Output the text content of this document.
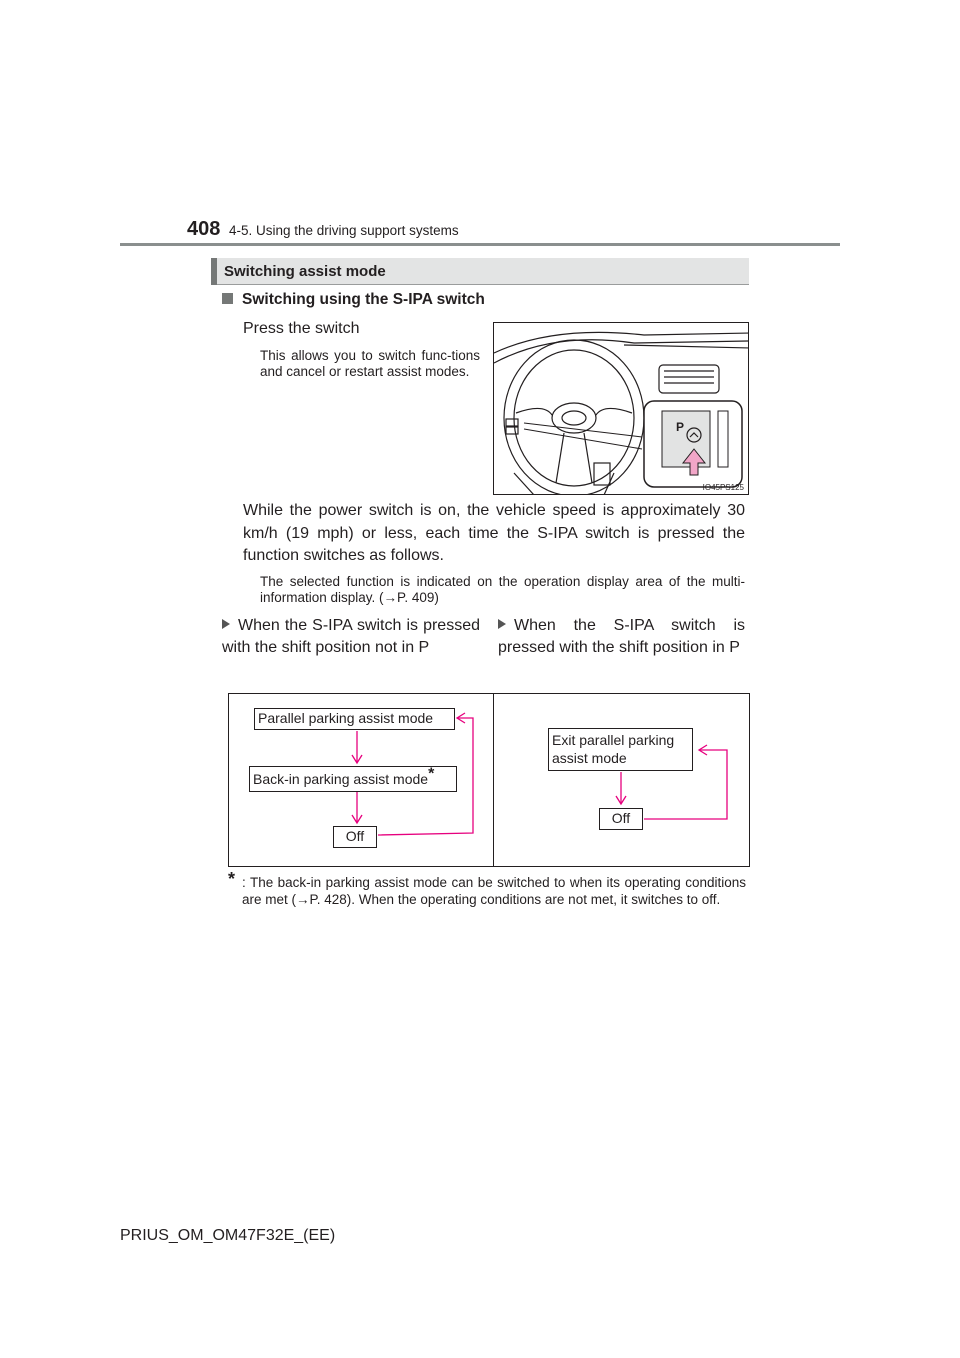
408 4-5. Using the driving support systems
Switching assist mode
Switching using the S-IPA switch
Press the switch
This allows you to switch func-tions and cancel or restart assist modes.
P
IO45PS125
While the power switch is on, the vehicle speed is approximately 30 km/h (19 mph) or less, each time the S-IPA switch is pressed the function switches as follows.
The selected function is indicated on the operation display area of the multi-information display. (→P. 409)
When the S-IPA switch is pressed with the shift position not in P
When the S-IPA switch is pressed with the shift position in P
Parallel parking assist mode
Back-in parking assist mode*
Off
Exit parallel parking
assist mode
Off
* : The back-in parking assist mode can be switched to when its operating conditions are met (→P. 428). When the operating conditions are not met, it switches to off.
PRIUS_OM_OM47F32E_(EE)
